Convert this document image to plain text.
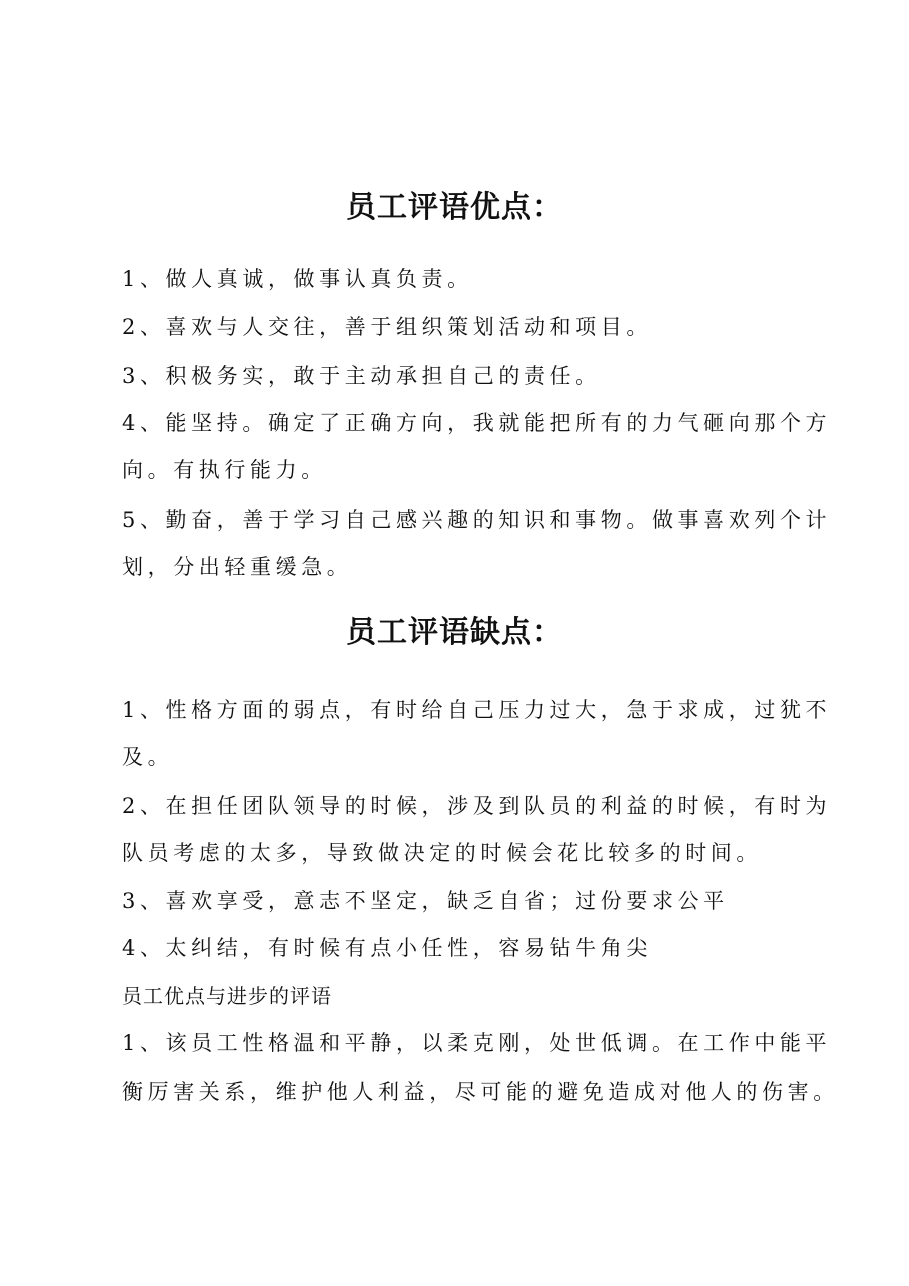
员工评语优点：
1、做人真诚，做事认真负责。
2、喜欢与人交往，善于组织策划活动和项目。
3、积极务实，敢于主动承担自己的责任。
4、能坚持。确定了正确方向，我就能把所有的力气砸向那个方
向。有执行能力。
5、勤奋，善于学习自己感兴趣的知识和事物。做事喜欢列个计
划，分出轻重缓急。
员工评语缺点：
1、性格方面的弱点，有时给自己压力过大，急于求成，过犹不
及。
2、在担任团队领导的时候，涉及到队员的利益的时候，有时为
队员考虑的太多，导致做决定的时候会花比较多的时间。
3、喜欢享受，意志不坚定，缺乏自省；过份要求公平
4、太纠结，有时候有点小任性，容易钻牛角尖
员工优点与进步的评语
1、该员工性格温和平静，以柔克刚，处世低调。在工作中能平
衡厉害关系，维护他人利益，尽可能的避免造成对他人的伤害。
